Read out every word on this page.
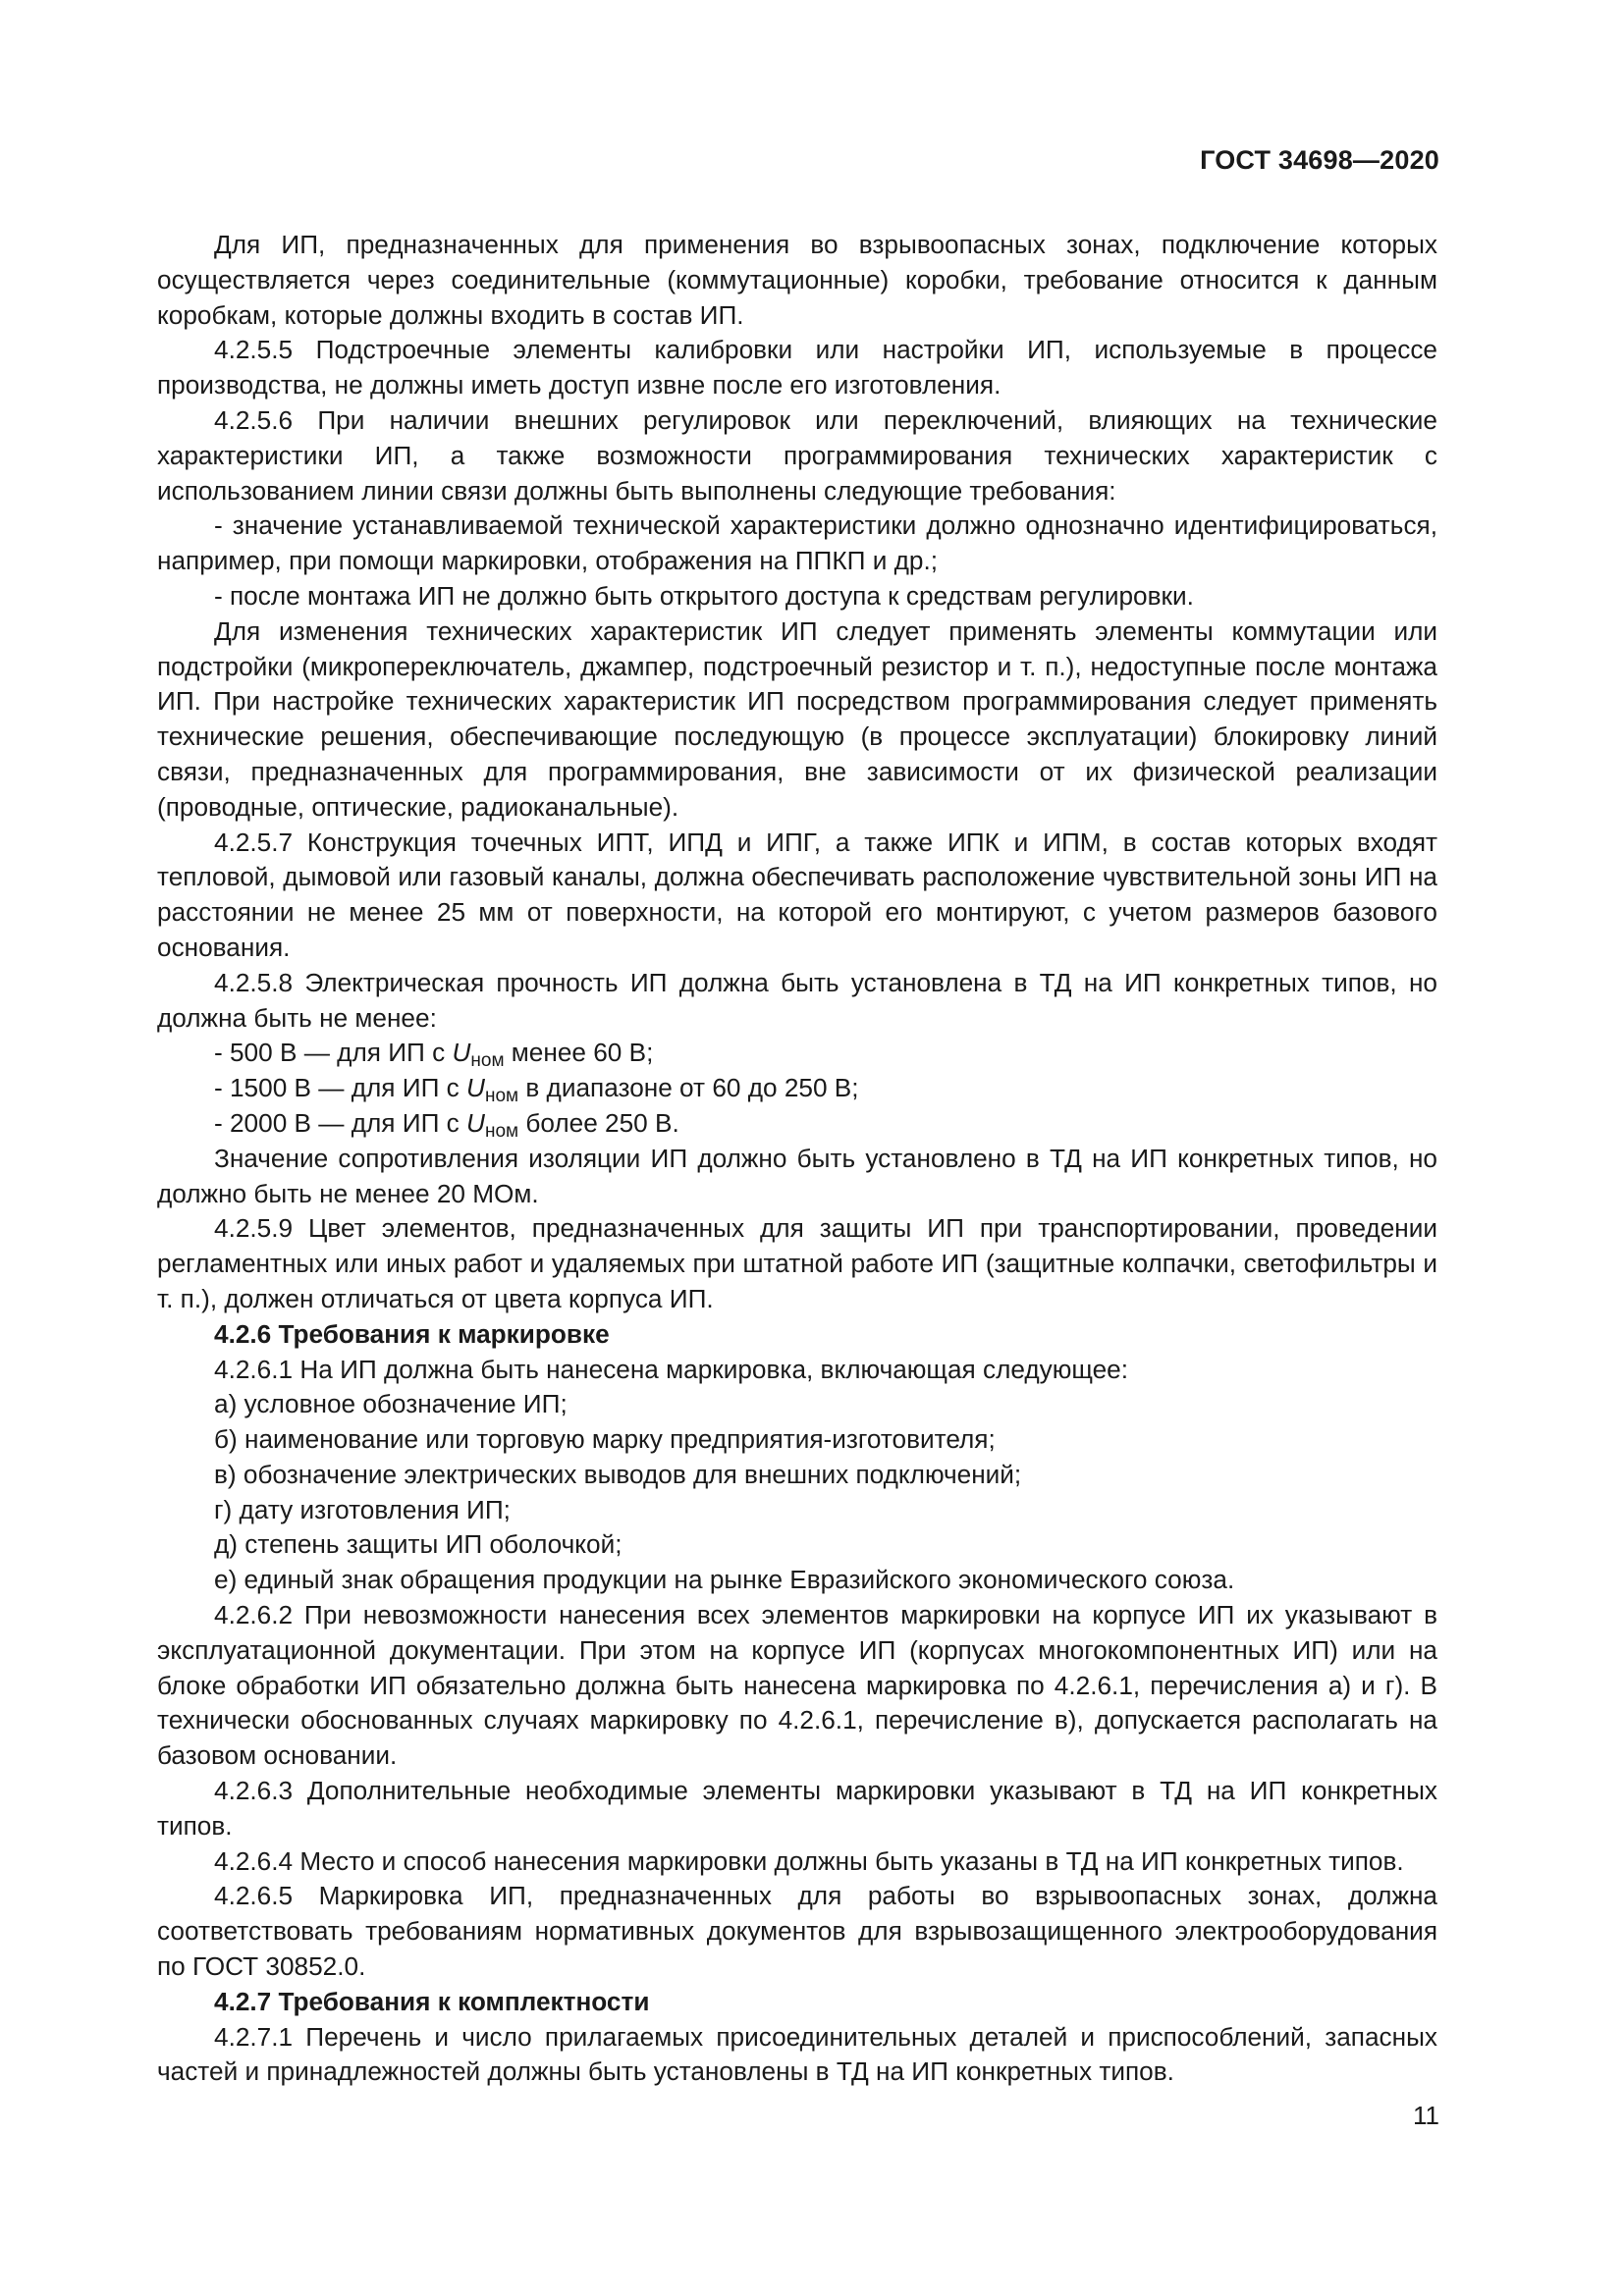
ГОСТ 34698—2020

Для ИП, предназначенных для применения во взрывоопасных зонах, подключение которых осуществляется через соединительные (коммутационные) коробки, требование относится к данным коробкам, которые должны входить в состав ИП.

4.2.5.5 Подстроечные элементы калибровки или настройки ИП, используемые в процессе производства, не должны иметь доступ извне после его изготовления.

4.2.5.6 При наличии внешних регулировок или переключений, влияющих на технические характеристики ИП, а также возможности программирования технических характеристик с использованием линии связи должны быть выполнены следующие требования:

- значение устанавливаемой технической характеристики должно однозначно идентифицироваться, например, при помощи маркировки, отображения на ППКП и др.;

- после монтажа ИП не должно быть открытого доступа к средствам регулировки.

Для изменения технических характеристик ИП следует применять элементы коммутации или подстройки (микропереключатель, джампер, подстроечный резистор и т. п.), недоступные после монтажа ИП. При настройке технических характеристик ИП посредством программирования следует применять технические решения, обеспечивающие последующую (в процессе эксплуатации) блокировку линий связи, предназначенных для программирования, вне зависимости от их физической реализации (проводные, оптические, радиоканальные).

4.2.5.7 Конструкция точечных ИПТ, ИПД и ИПГ, а также ИПК и ИПМ, в состав которых входят тепловой, дымовой или газовый каналы, должна обеспечивать расположение чувствительной зоны ИП на расстоянии не менее 25 мм от поверхности, на которой его монтируют, с учетом размеров базового основания.

4.2.5.8 Электрическая прочность ИП должна быть установлена в ТД на ИП конкретных типов, но должна быть не менее:

- 500 В — для ИП с $U_{ном}$ менее 60 В;

- 1500 В — для ИП с $U_{ном}$ в диапазоне от 60 до 250 В;

- 2000 В — для ИП с $U_{ном}$ более 250 В.

Значение сопротивления изоляции ИП должно быть установлено в ТД на ИП конкретных типов, но должно быть не менее 20 МОм.

4.2.5.9 Цвет элементов, предназначенных для защиты ИП при транспортировании, проведении регламентных или иных работ и удаляемых при штатной работе ИП (защитные колпачки, светофильтры и т. п.), должен отличаться от цвета корпуса ИП.

4.2.6 Требования к маркировке

4.2.6.1 На ИП должна быть нанесена маркировка, включающая следующее:

а) условное обозначение ИП;

б) наименование или торговую марку предприятия-изготовителя;

в) обозначение электрических выводов для внешних подключений;

г) дату изготовления ИП;

д) степень защиты ИП оболочкой;

е) единый знак обращения продукции на рынке Евразийского экономического союза.

4.2.6.2 При невозможности нанесения всех элементов маркировки на корпусе ИП их указывают в эксплуатационной документации. При этом на корпусе ИП (корпусах многокомпонентных ИП) или на блоке обработки ИП обязательно должна быть нанесена маркировка по 4.2.6.1, перечисления а) и г). В технически обоснованных случаях маркировку по 4.2.6.1, перечисление в), допускается располагать на базовом основании.

4.2.6.3 Дополнительные необходимые элементы маркировки указывают в ТД на ИП конкретных типов.

4.2.6.4 Место и способ нанесения маркировки должны быть указаны в ТД на ИП конкретных типов.

4.2.6.5 Маркировка ИП, предназначенных для работы во взрывоопасных зонах, должна соответствовать требованиям нормативных документов для взрывозащищенного электрооборудования по ГОСТ 30852.0.

4.2.7 Требования к комплектности

4.2.7.1 Перечень и число прилагаемых присоединительных деталей и приспособлений, запасных частей и принадлежностей должны быть установлены в ТД на ИП конкретных типов.

11
